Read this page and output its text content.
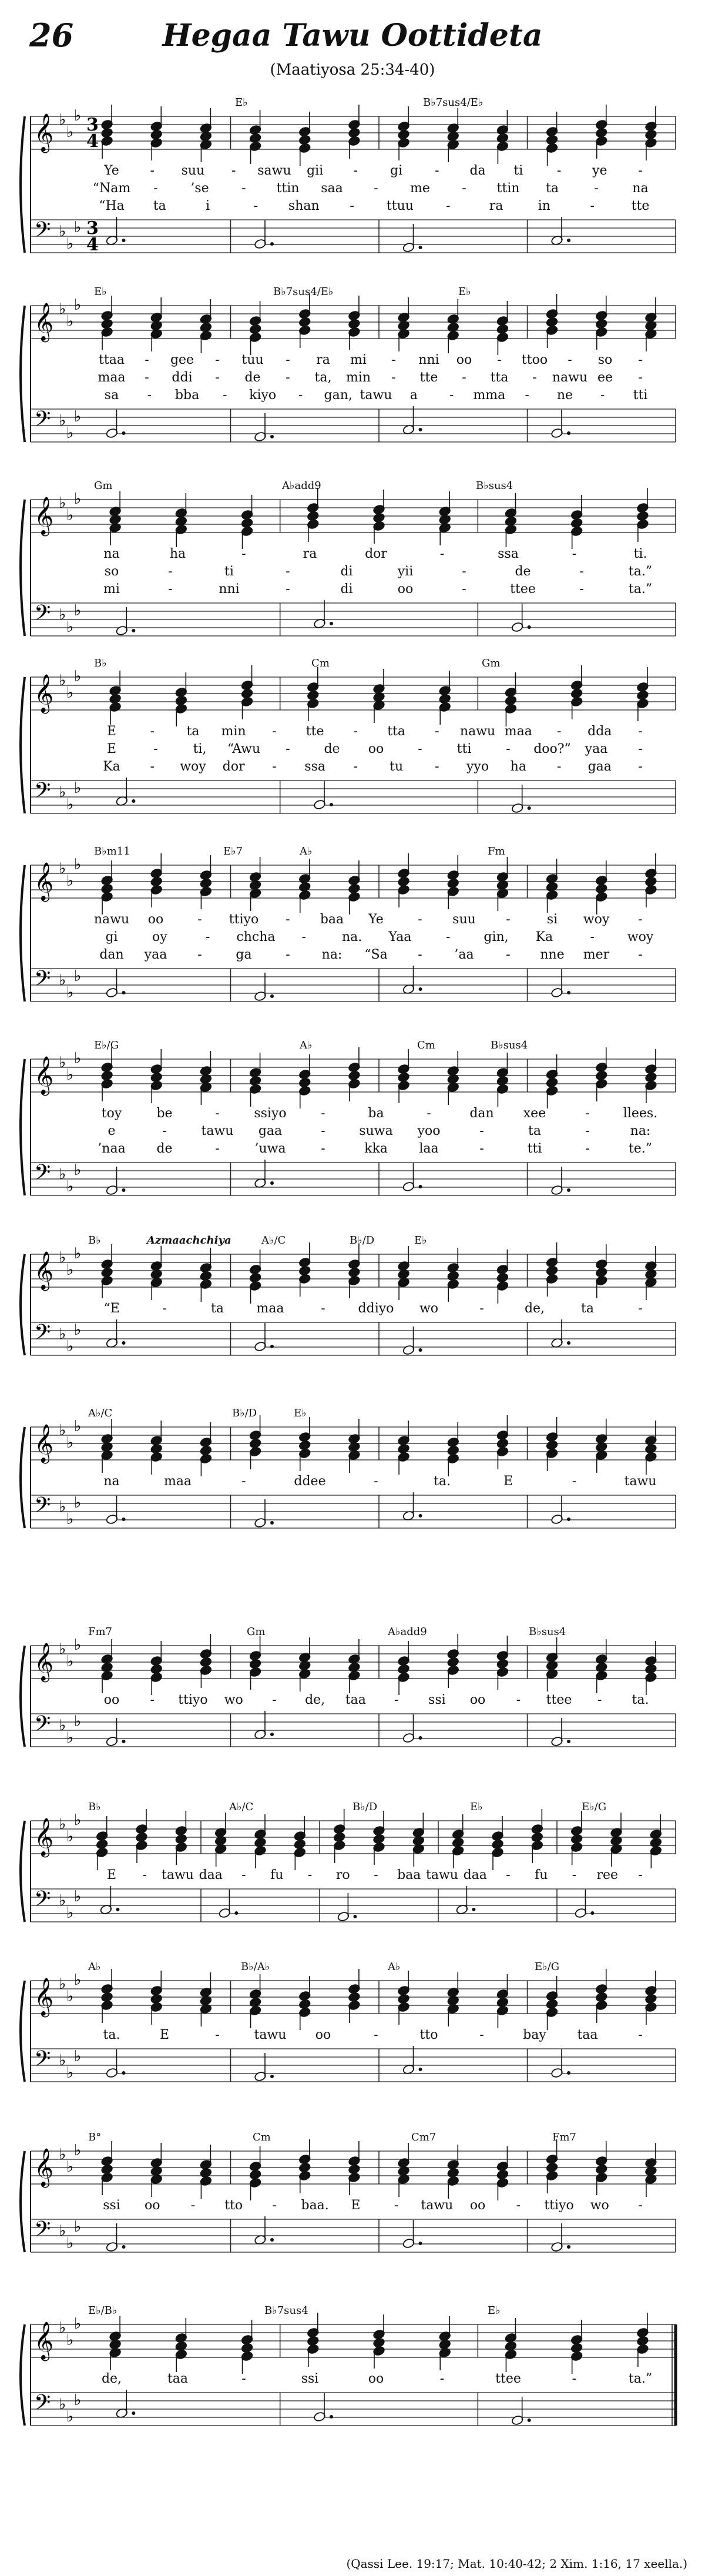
26	Hegaa Tawu Oottideta
(Maatiyosa 25:34-40)
𝄞
𝄢
♭
♭
♭
♭
♭
♭
3
3
4
4
E♭	B♭7sus4/E♭
Ye - suu - sawu gii - gi - da ti	- ye -
“Nam -	’se	- ttin saa - me - ttin ta	-	na
“Ha ta	i	- shan -	ttuu	-	ra	in	-	tte
𝄞
𝄢
♭
♭
♭
♭
♭
♭
E♭	B♭7sus4/E♭	E♭
ttaa - gee - tuu - ra mi - nni oo - ttoo - so -
maa - ddi - de - ta, min - tte - tta - nawu ee -
sa - bba - kiyo - gan, tawu a - mma - ne - tti
𝄞
𝄢
♭
♭
♭
♭
♭
♭
Gm	A♭add9	B♭sus4
na	ha	-	ra	dor	-	ssa	-	ti.
so	-	ti	-	di	yii	-	de	-	ta.”
mi	-	nni	-	di	oo	-	ttee	-	ta.”
𝄞
𝄢
♭
♭
♭
♭
♭
♭
B♭	Cm	Gm
E	- ta min - tte - tta - nawu maa - dda -
E	-	ti, “Awu -	de oo	-	tti	- doo?” yaa -
Ka - woy dor - ssa - tu - yyo ha - gaa -
𝄞
𝄢
♭
♭
♭
♭
♭
♭
B♭m11	E♭7	A♭	Fm
nawu oo	- ttiyo - baa Ye	- suu -	si woy -
gi	oy	- chcha -	na. Yaa	-	gin, Ka	-	woy
dan yaa -	ga	- na: “Sa - ’aa - nne mer -
𝄞
𝄢
♭
♭
♭
♭
♭
♭
E♭/G	A♭	Cm	B♭sus4
toy	be	-	ssiyo	-	ba	-	dan xee	-	llees.
e	-	tawu gaa	-	suwa yoo	-	ta	-	na:
’naa de	-	’uwa	-	kka laa	-	tti	-	te.”
𝄞
𝄢
♭
♭
♭
♭
♭
♭
B♭	A♭/C	B♭/D	E♭
Azmaachchiya
“E	-	ta	maa	-	ddiyo wo	-	de,	ta	-
𝄞
𝄢
♭
♭
♭
♭
♭
♭
A♭/C	B♭/D	E♭
na	maa	-	ddee	-	ta.	E	-	tawu
𝄞
𝄢
♭
♭
♭
♭
♭
♭
Fm7	Gm	A♭add9	B♭sus4
oo - ttiyo wo - de, taa - ssi oo - ttee - ta.
𝄞
𝄢
♭
♭
♭
♭
♭
♭
B♭	A♭/C	B♭/D	E♭	E♭/G
E - tawu daa - fu - ro - baa tawu daa - fu - ree -
𝄞
𝄢
♭
♭
♭
♭
♭
♭
A♭	B♭/A♭	A♭	E♭/G
ta.	E	-	tawu oo	-	tto	-	bay taa	-
𝄞
𝄢
♭
♭
♭
♭
♭
♭
B°	Cm	Cm7	Fm7
ssi oo - tto - baa. E	- tawu oo - ttiyo wo -
𝄞
𝄢
♭
♭
♭
♭
♭
♭
E♭/B♭	B♭7sus4	E♭
de,	taa	-	ssi	oo	-	ttee	-	ta.”
(Qassi Lee. 19:17; Mat. 10:40-42; 2 Xim. 1:16, 17 xeella.)
